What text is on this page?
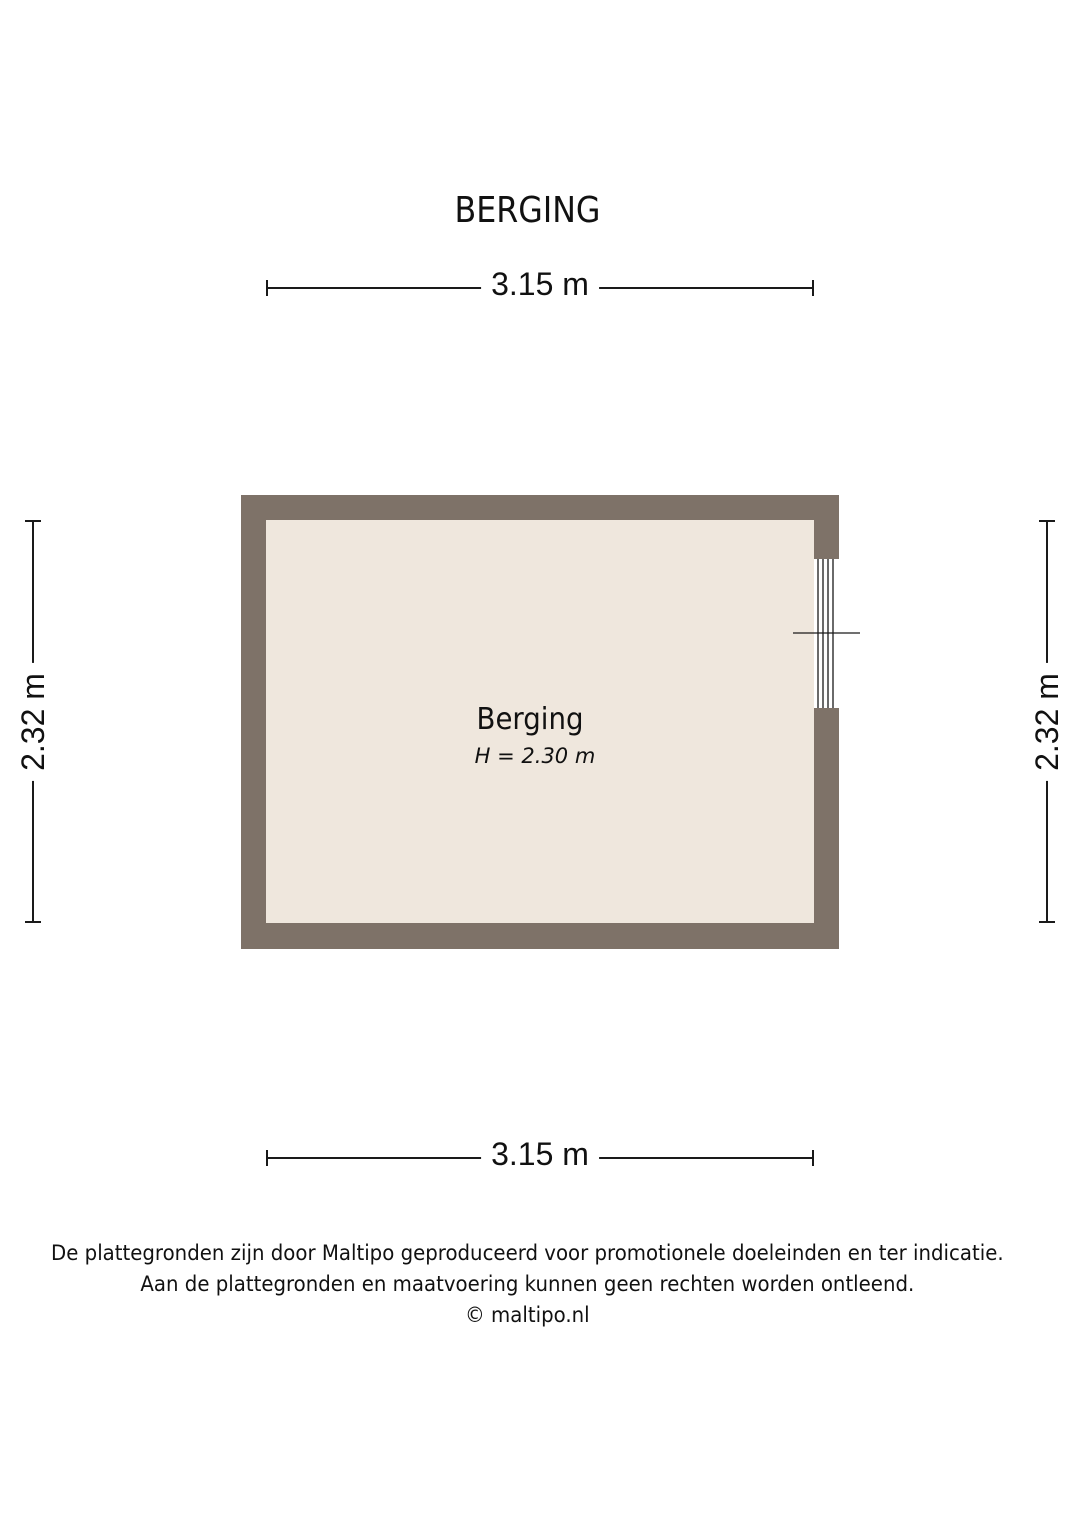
BERGING
3.15 m
2.32 m	2.32 m
Berging
H = 2.30 m
3.15 m
De plattegronden zijn door Maltipo geproduceerd voor promotionele doeleinden en ter indicatie.
Aan de plattegronden en maatvoering kunnen geen rechten worden ontleend.
© maltipo.nl
